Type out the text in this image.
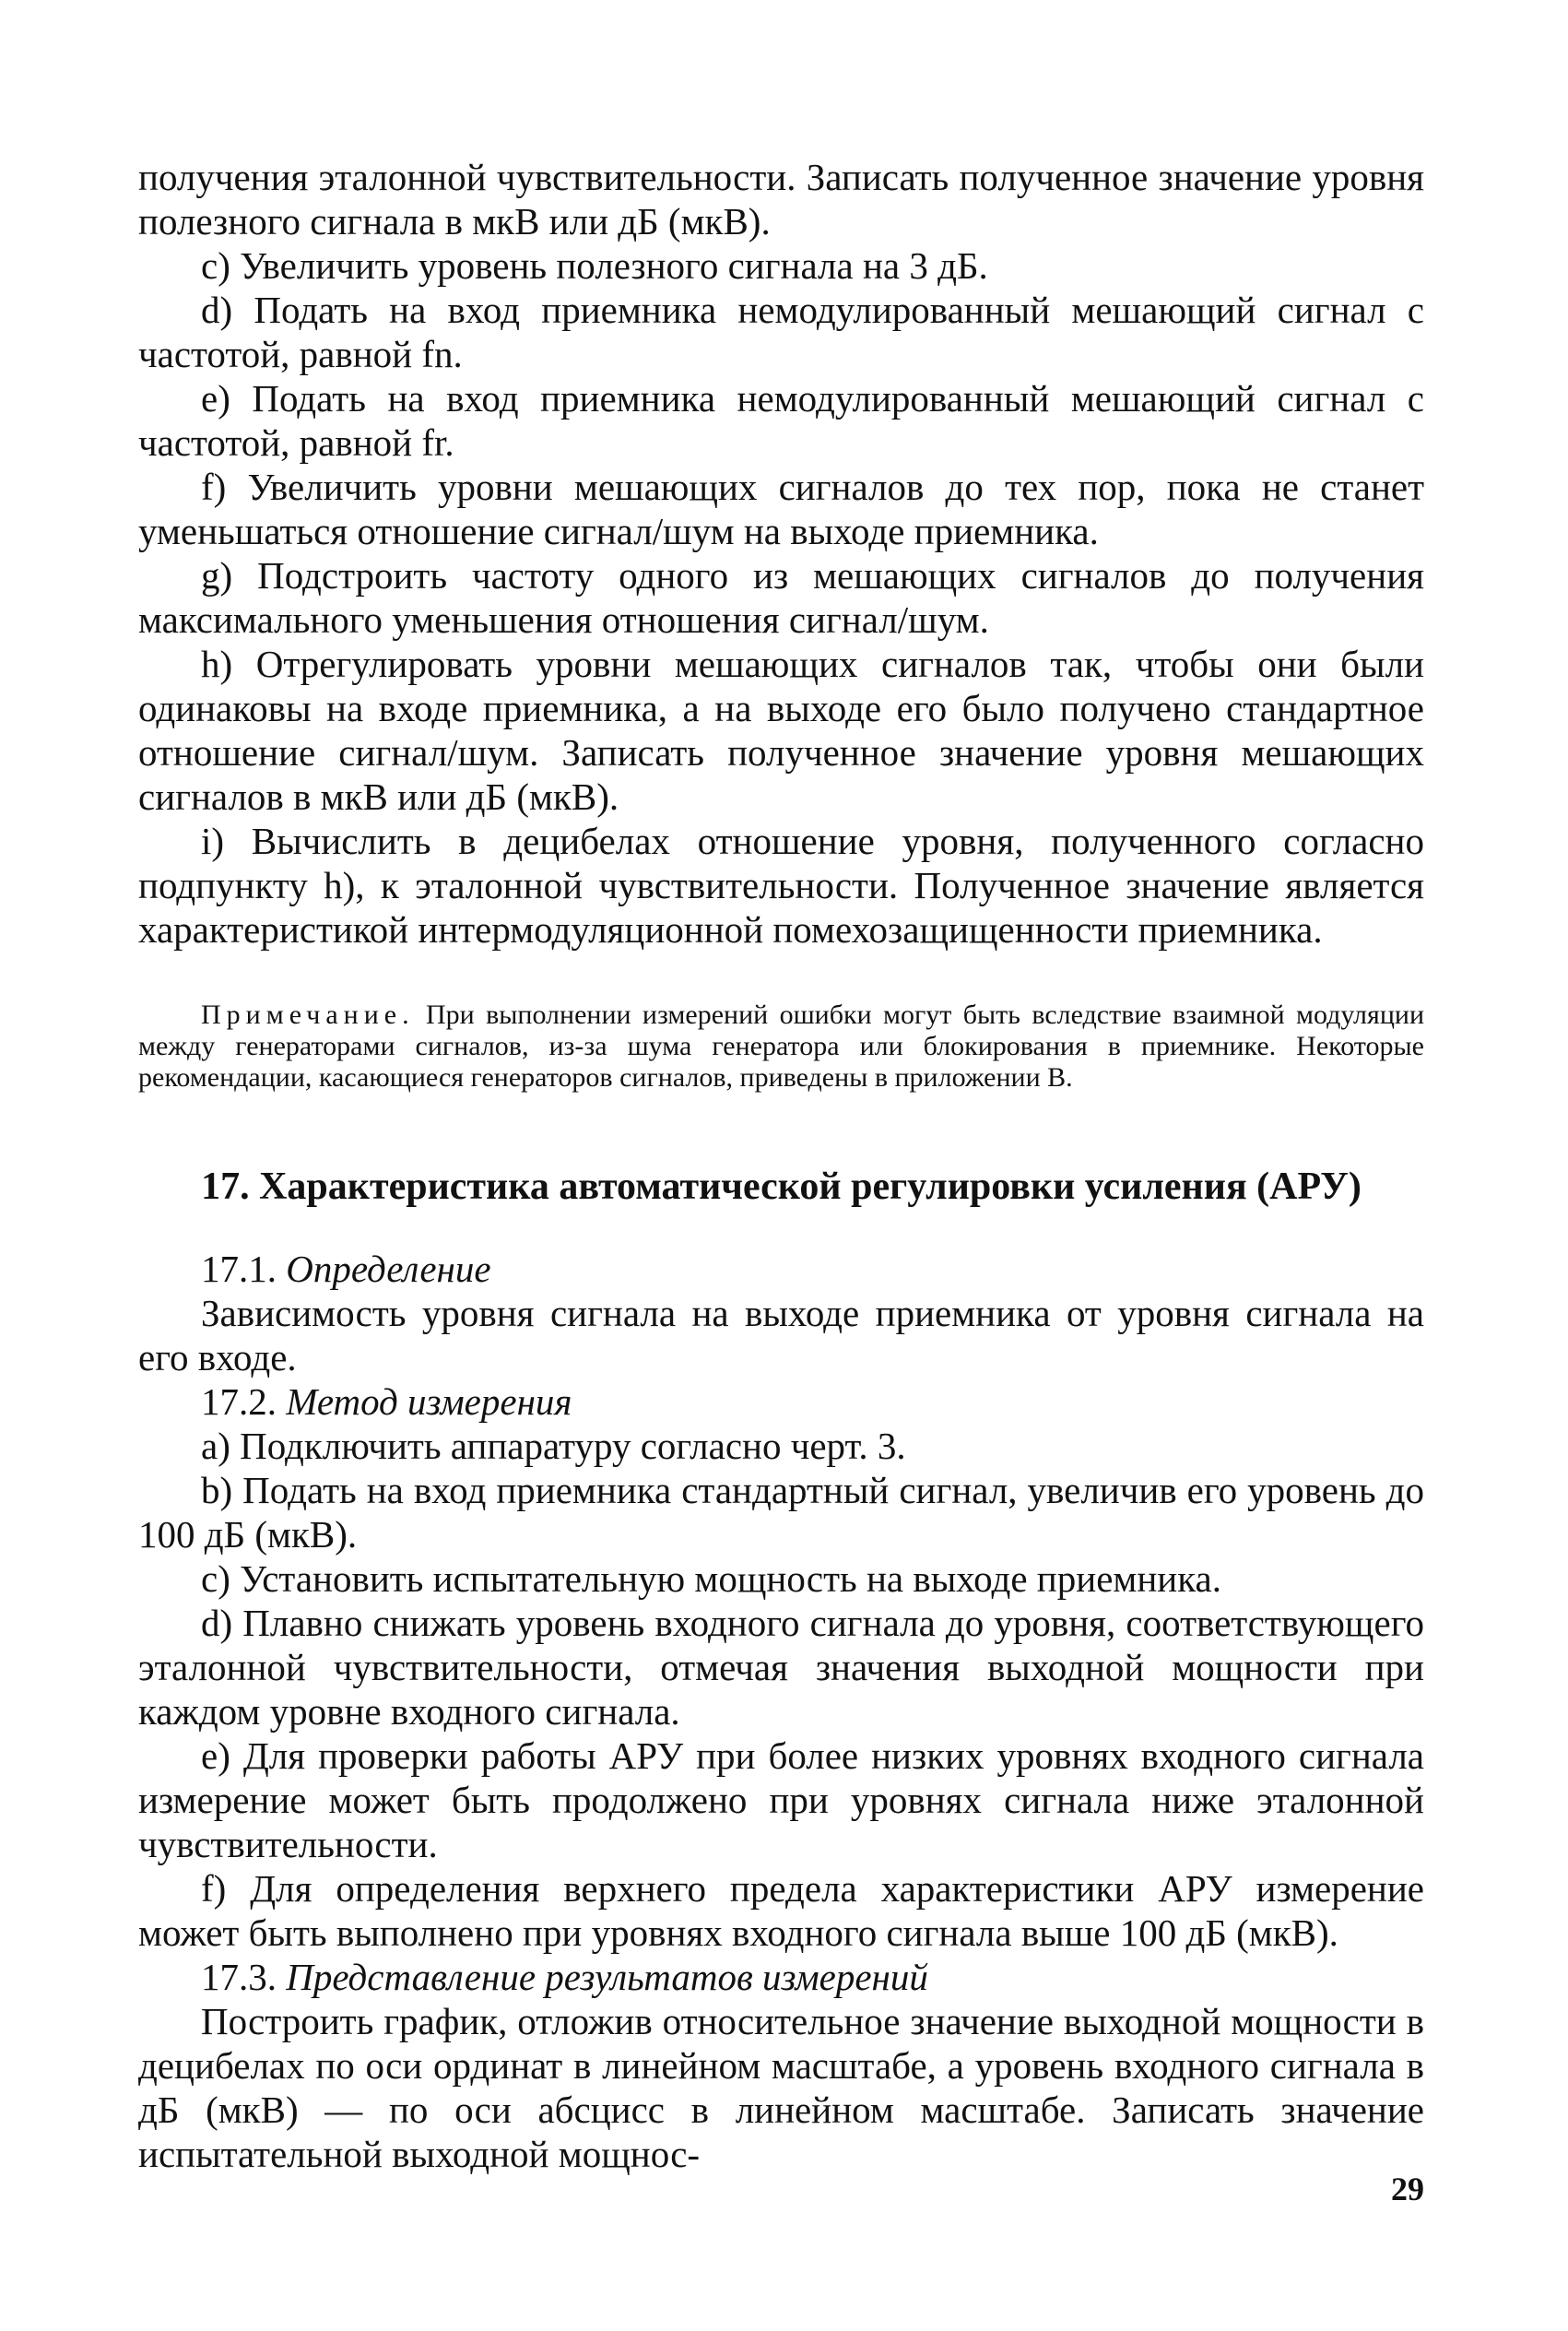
получения эталонной чувствительности. Записать полученное значение уровня полезного сигнала в мкВ или дБ (мкВ).

c) Увеличить уровень полезного сигнала на 3 дБ.

d) Подать на вход приемника немодулированный мешающий сигнал с частотой, равной fn.

e) Подать на вход приемника немодулированный мешающий сигнал с частотой, равной fr.

f) Увеличить уровни мешающих сигналов до тех пор, пока не станет уменьшаться отношение сигнал/шум на выходе приемника.

g) Подстроить частоту одного из мешающих сигналов до получения максимального уменьшения отношения сигнал/шум.

h) Отрегулировать уровни мешающих сигналов так, чтобы они были одинаковы на входе приемника, а на выходе его было получено стандартное отношение сигнал/шум. Записать полученное значение уровня мешающих сигналов в мкВ или дБ (мкВ).

i) Вычислить в децибелах отношение уровня, полученного согласно подпункту h), к эталонной чувствительности. Полученное значение является характеристикой интермодуляционной помехозащищенности приемника.

Примечание. При выполнении измерений ошибки могут быть вследствие взаимной модуляции между генераторами сигналов, из-за шума генератора или блокирования в приемнике. Некоторые рекомендации, касающиеся генераторов сигналов, приведены в приложении В.

17. Характеристика автоматической регулировки усиления (АРУ)

17.1. Определение

Зависимость уровня сигнала на выходе приемника от уровня сигнала на его входе.

17.2. Метод измерения

a) Подключить аппаратуру согласно черт. 3.

b) Подать на вход приемника стандартный сигнал, увеличив его уровень до 100 дБ (мкВ).

c) Установить испытательную мощность на выходе приемника.

d) Плавно снижать уровень входного сигнала до уровня, соответствующего эталонной чувствительности, отмечая значения выходной мощности при каждом уровне входного сигнала.

e) Для проверки работы АРУ при более низких уровнях входного сигнала измерение может быть продолжено при уровнях сигнала ниже эталонной чувствительности.

f) Для определения верхнего предела характеристики АРУ измерение может быть выполнено при уровнях входного сигнала выше 100 дБ (мкВ).

17.3. Представление результатов измерений

Построить график, отложив относительное значение выходной мощности в децибелах по оси ординат в линейном масштабе, а уровень входного сигнала в дБ (мкВ) — по оси абсцисс в линейном масштабе. Записать значение испытательной выходной мощнос-

29
